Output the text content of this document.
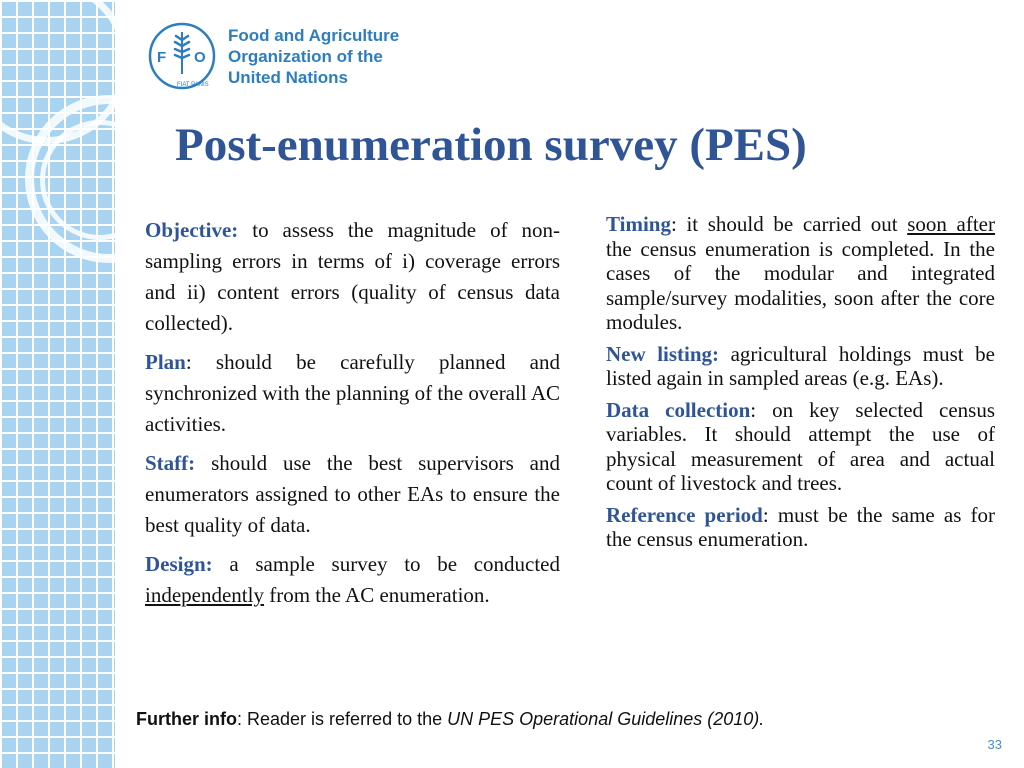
F O
FIAT PANIS
Food and Agriculture
Organization of the
United Nations
Post-enumeration survey (PES)

Objective: to assess the magnitude of non-sampling errors in terms of i) coverage errors and ii) content errors (quality of census data collected).

Plan: should be carefully planned and synchronized with the planning of the overall AC activities.

Staff: should use the best supervisors and enumerators assigned to other EAs to ensure the best quality of data.

Design: a sample survey to be conducted independently from the AC enumeration.

Timing: it should be carried out soon after the census enumeration is completed. In the cases of the modular and integrated sample/survey modalities, soon after the core modules.

New listing: agricultural holdings must be listed again in sampled areas (e.g. EAs).

Data collection: on key selected census variables. It should attempt the use of physical measurement of area and actual count of livestock and trees.

Reference period: must be the same as for the census enumeration.

Further info: Reader is referred to the UN PES Operational Guidelines (2010).
33
